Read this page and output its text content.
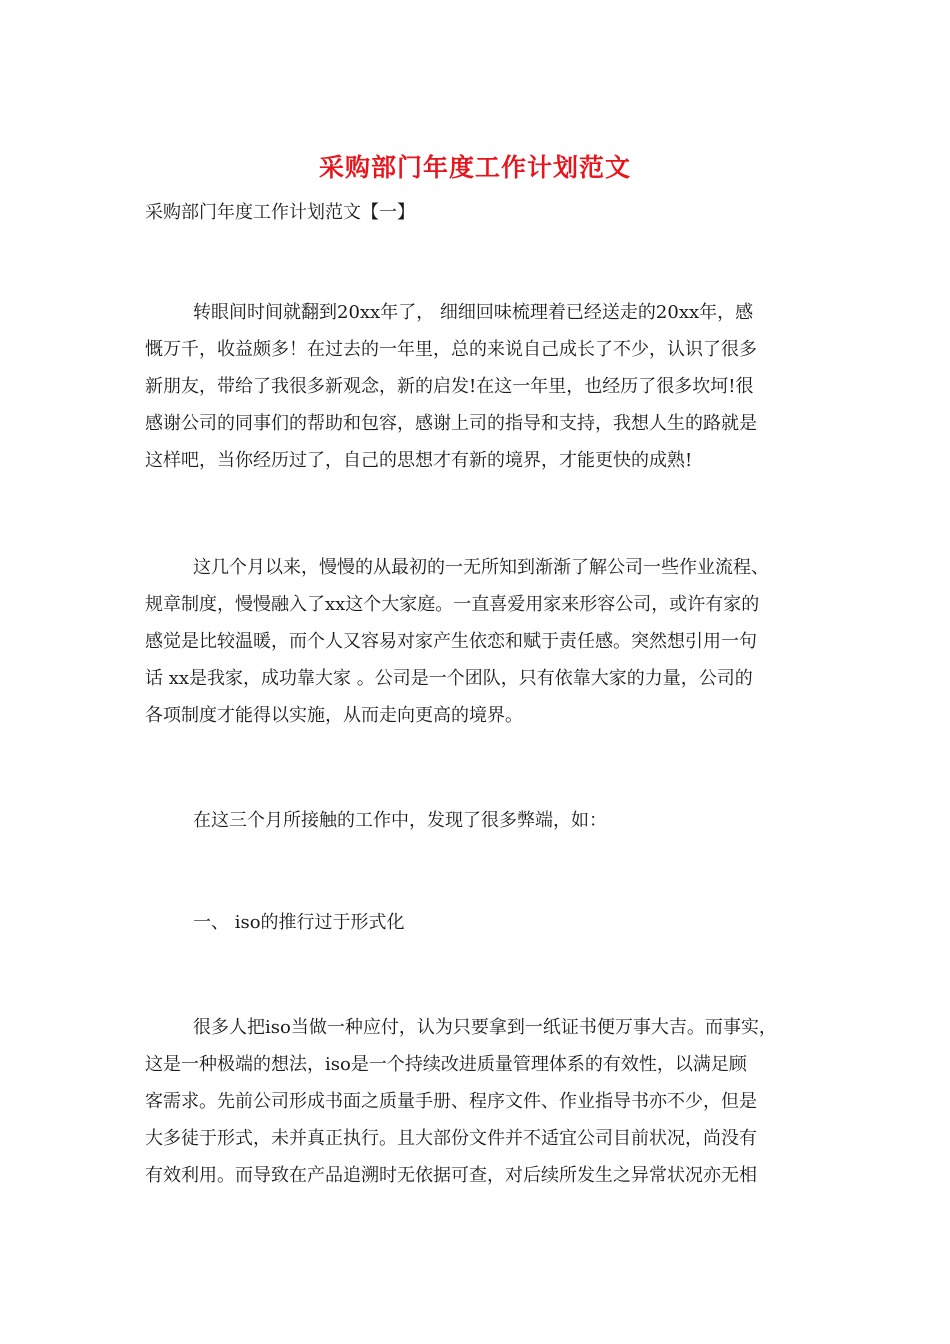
采购部门年度工作计划范文
采购部门年度工作计划范文【一】
转眼间时间就翻到20xx年了， 细细回味梳理着已经送走的20xx年，感
慨万千，收益颇多！在过去的一年里，总的来说自己成长了不少，认识了很多
新朋友，带给了我很多新观念，新的启发!在这一年里，也经历了很多坎坷!很
感谢公司的同事们的帮助和包容，感谢上司的指导和支持，我想人生的路就是
这样吧，当你经历过了，自己的思想才有新的境界，才能更快的成熟!
这几个月以来，慢慢的从最初的一无所知到渐渐了解公司一些作业流程、
规章制度，慢慢融入了xx这个大家庭。一直喜爱用家来形容公司，或许有家的
感觉是比较温暖，而个人又容易对家产生依恋和赋于责任感。突然想引用一句
话 xx是我家，成功靠大家 。公司是一个团队，只有依靠大家的力量，公司的
各项制度才能得以实施，从而走向更高的境界。
在这三个月所接触的工作中，发现了很多弊端，如：
一、 iso的推行过于形式化
很多人把iso当做一种应付，认为只要拿到一纸证书便万事大吉。而事实，
这是一种极端的想法，iso是一个持续改进质量管理体系的有效性，以满足顾
客需求。先前公司形成书面之质量手册、程序文件、作业指导书亦不少，但是
大多徒于形式，未并真正执行。且大部份文件并不适宜公司目前状况，尚没有
有效利用。而导致在产品追溯时无依据可查，对后续所发生之异常状况亦无相
